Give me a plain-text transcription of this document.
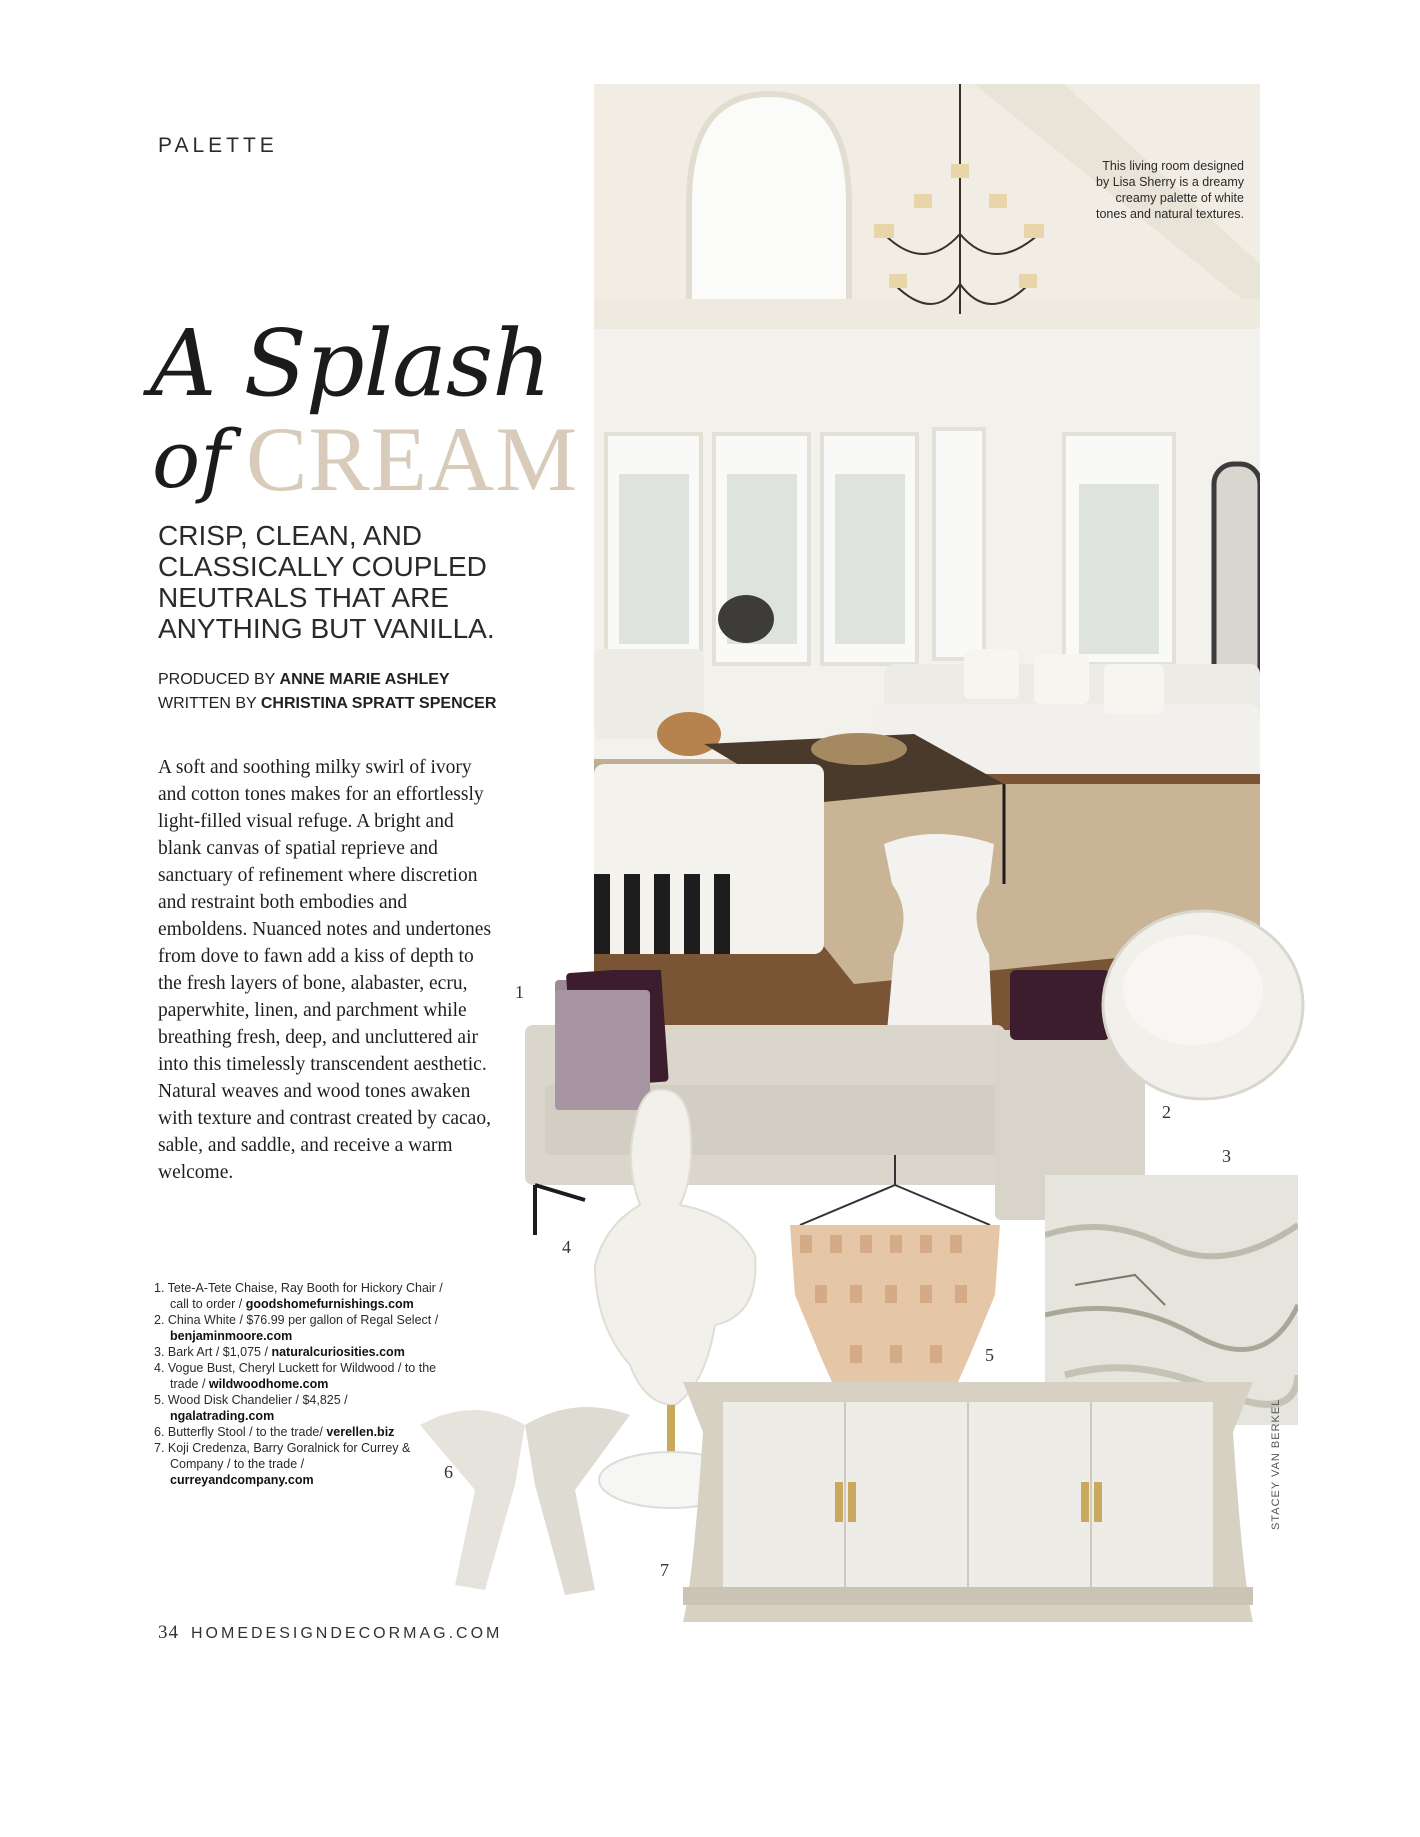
PALETTE
A Splash
of CREAM
CRISP, CLEAN, AND CLASSICALLY COUPLED NEUTRALS THAT ARE ANYTHING BUT VANILLA.
PRODUCED BY ANNE MARIE ASHLEY
WRITTEN BY CHRISTINA SPRATT SPENCER
A soft and soothing milky swirl of ivory and cotton tones makes for an effortlessly light-filled visual refuge. A bright and blank canvas of spatial reprieve and sanctuary of refinement where discretion and restraint both embodies and emboldens. Nuanced notes and undertones from dove to fawn add a kiss of depth to the fresh layers of bone, alabaster, ecru, paperwhite, linen, and parchment while breathing fresh, deep, and uncluttered air into this timelessly transcendent aesthetic. Natural weaves and wood tones awaken with texture and contrast created by cacao, sable, and saddle, and receive a warm welcome.
1. Tete-A-Tete Chaise, Ray Booth for Hickory Chair / call to order / goodshomefurnishings.com
2. China White / $76.99 per gallon of Regal Select / benjaminmoore.com
3. Bark Art / $1,075 / naturalcuriosities.com
4. Vogue Bust, Cheryl Luckett for Wildwood / to the trade / wildwoodhome.com
5. Wood Disk Chandelier / $4,825 / ngalatrading.com
6. Butterfly Stool / to the trade/ verellen.biz
7. Koji Credenza, Barry Goralnick for Currey & Company / to the trade / curreyandcompany.com
34 HOMEDESIGNDECORMAG.COM
This living room designed by Lisa Sherry is a dreamy creamy palette of white tones and natural textures.
1
2
3
4
5
6
7
STACEY VAN BERKEL
